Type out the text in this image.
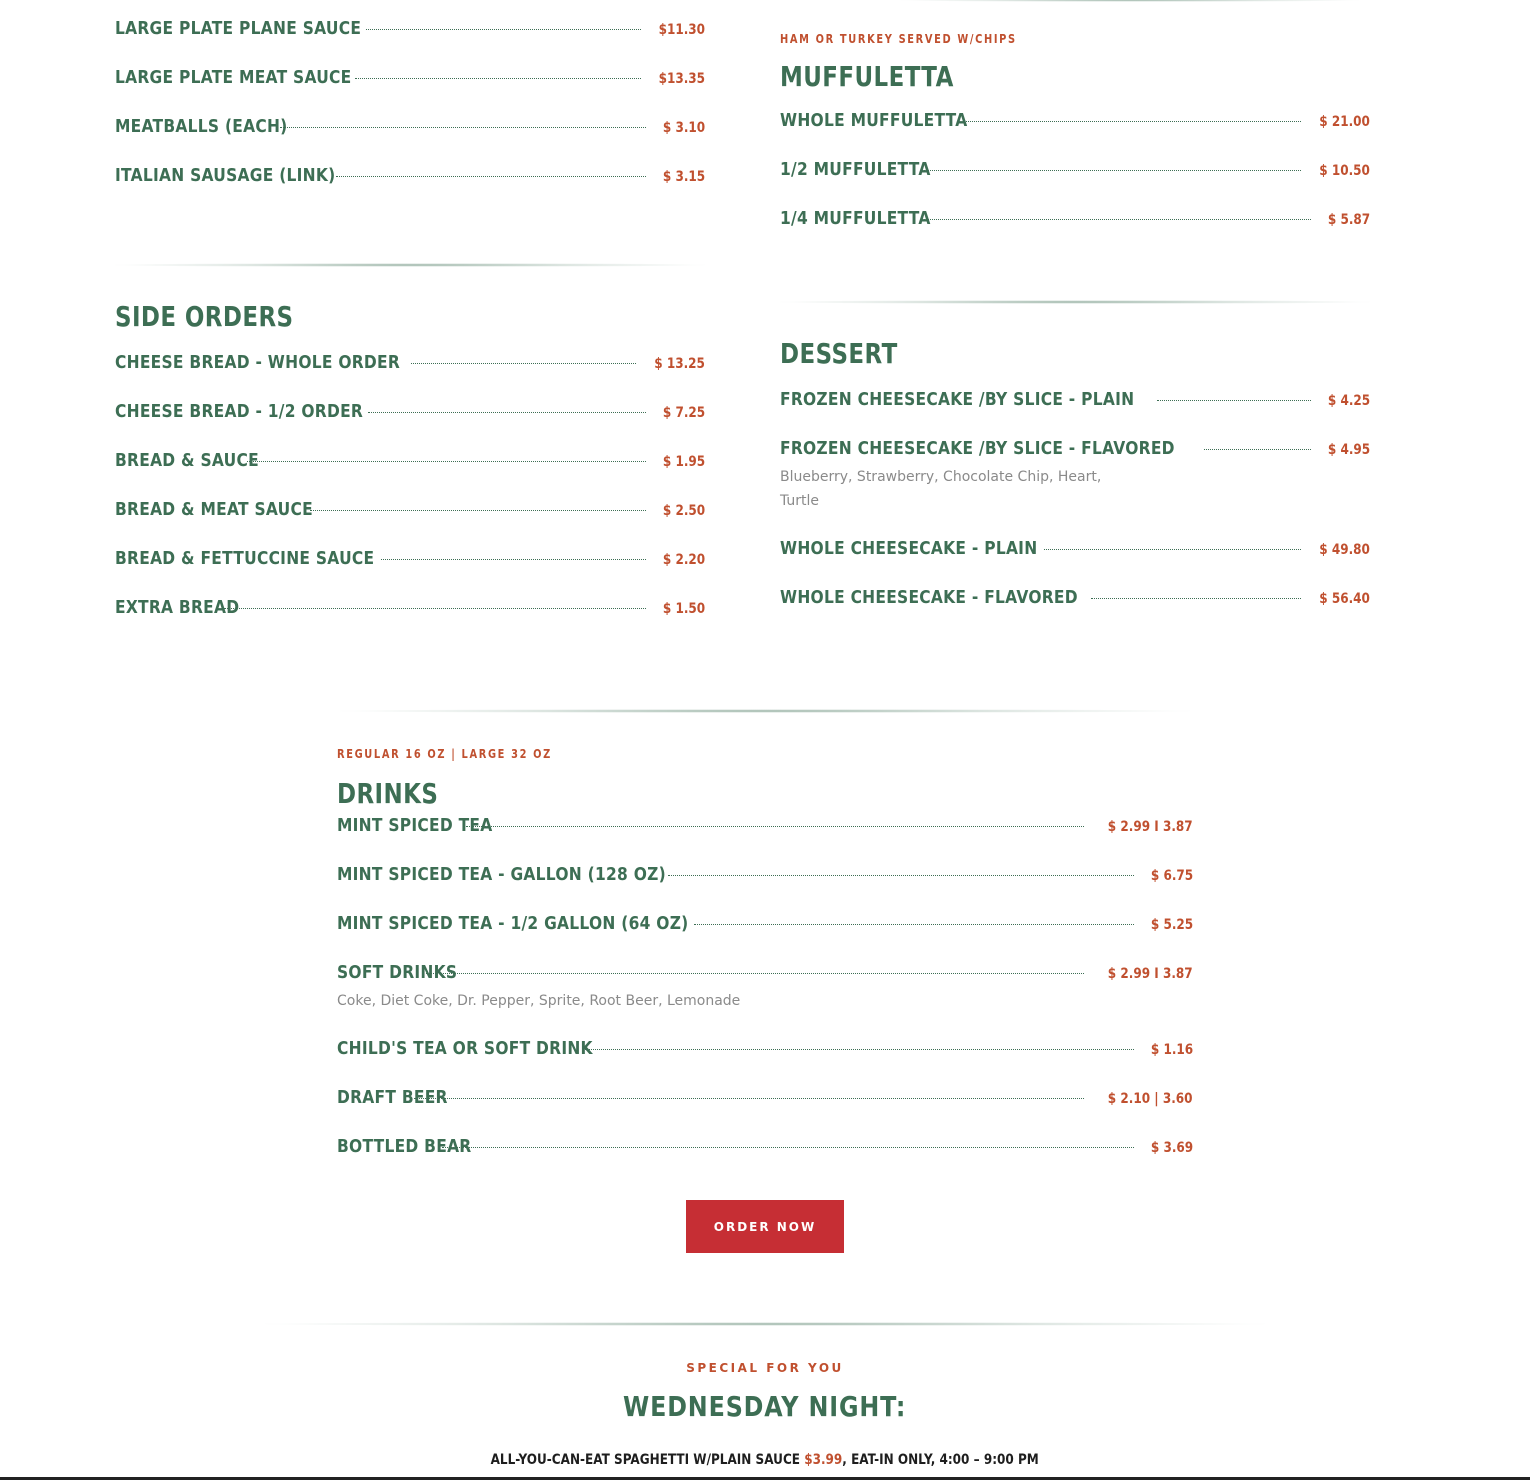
LARGE PLATE PLANE SAUCE	$11.30
LARGE PLATE MEAT SAUCE	$13.35
MEATBALLS (EACH)	$ 3.10
ITALIAN SAUSAGE (LINK)	$ 3.15
SIDE ORDERS
CHEESE BREAD - WHOLE ORDER	$ 13.25
CHEESE BREAD - 1/2 ORDER	$ 7.25
BREAD & SAUCE	$ 1.95
BREAD & MEAT SAUCE	$ 2.50
BREAD & FETTUCCINE SAUCE	$ 2.20
EXTRA BREAD	$ 1.50
HAM OR TURKEY SERVED W/CHIPS
MUFFULETTA
WHOLE MUFFULETTA	$ 21.00
1/2 MUFFULETTA	$ 10.50
1/4 MUFFULETTA	$ 5.87
DESSERT
FROZEN CHEESECAKE /BY SLICE - PLAIN	$ 4.25
FROZEN CHEESECAKE /BY SLICE - FLAVORED	$ 4.95
Blueberry, Strawberry, Chocolate Chip, Heart,
Turtle
WHOLE CHEESECAKE - PLAIN	$ 49.80
WHOLE CHEESECAKE - FLAVORED	$ 56.40
REGULAR 16 OZ | LARGE 32 OZ
DRINKS
MINT SPICED TEA	$ 2.99 I 3.87
MINT SPICED TEA - GALLON (128 OZ)	$ 6.75
MINT SPICED TEA - 1/2 GALLON (64 OZ)	$ 5.25
SOFT DRINKS	$ 2.99 I 3.87
Coke, Diet Coke, Dr. Pepper, Sprite, Root Beer, Lemonade
CHILD'S TEA OR SOFT DRINK	$ 1.16
DRAFT BEER	$ 2.10 | 3.60
BOTTLED BEAR	$ 3.69
ORDER NOW
SPECIAL FOR YOU
WEDNESDAY NIGHT:
ALL-YOU-CAN-EAT SPAGHETTI W/PLAIN SAUCE $3.99, EAT-IN ONLY, 4:00 – 9:00 PM
